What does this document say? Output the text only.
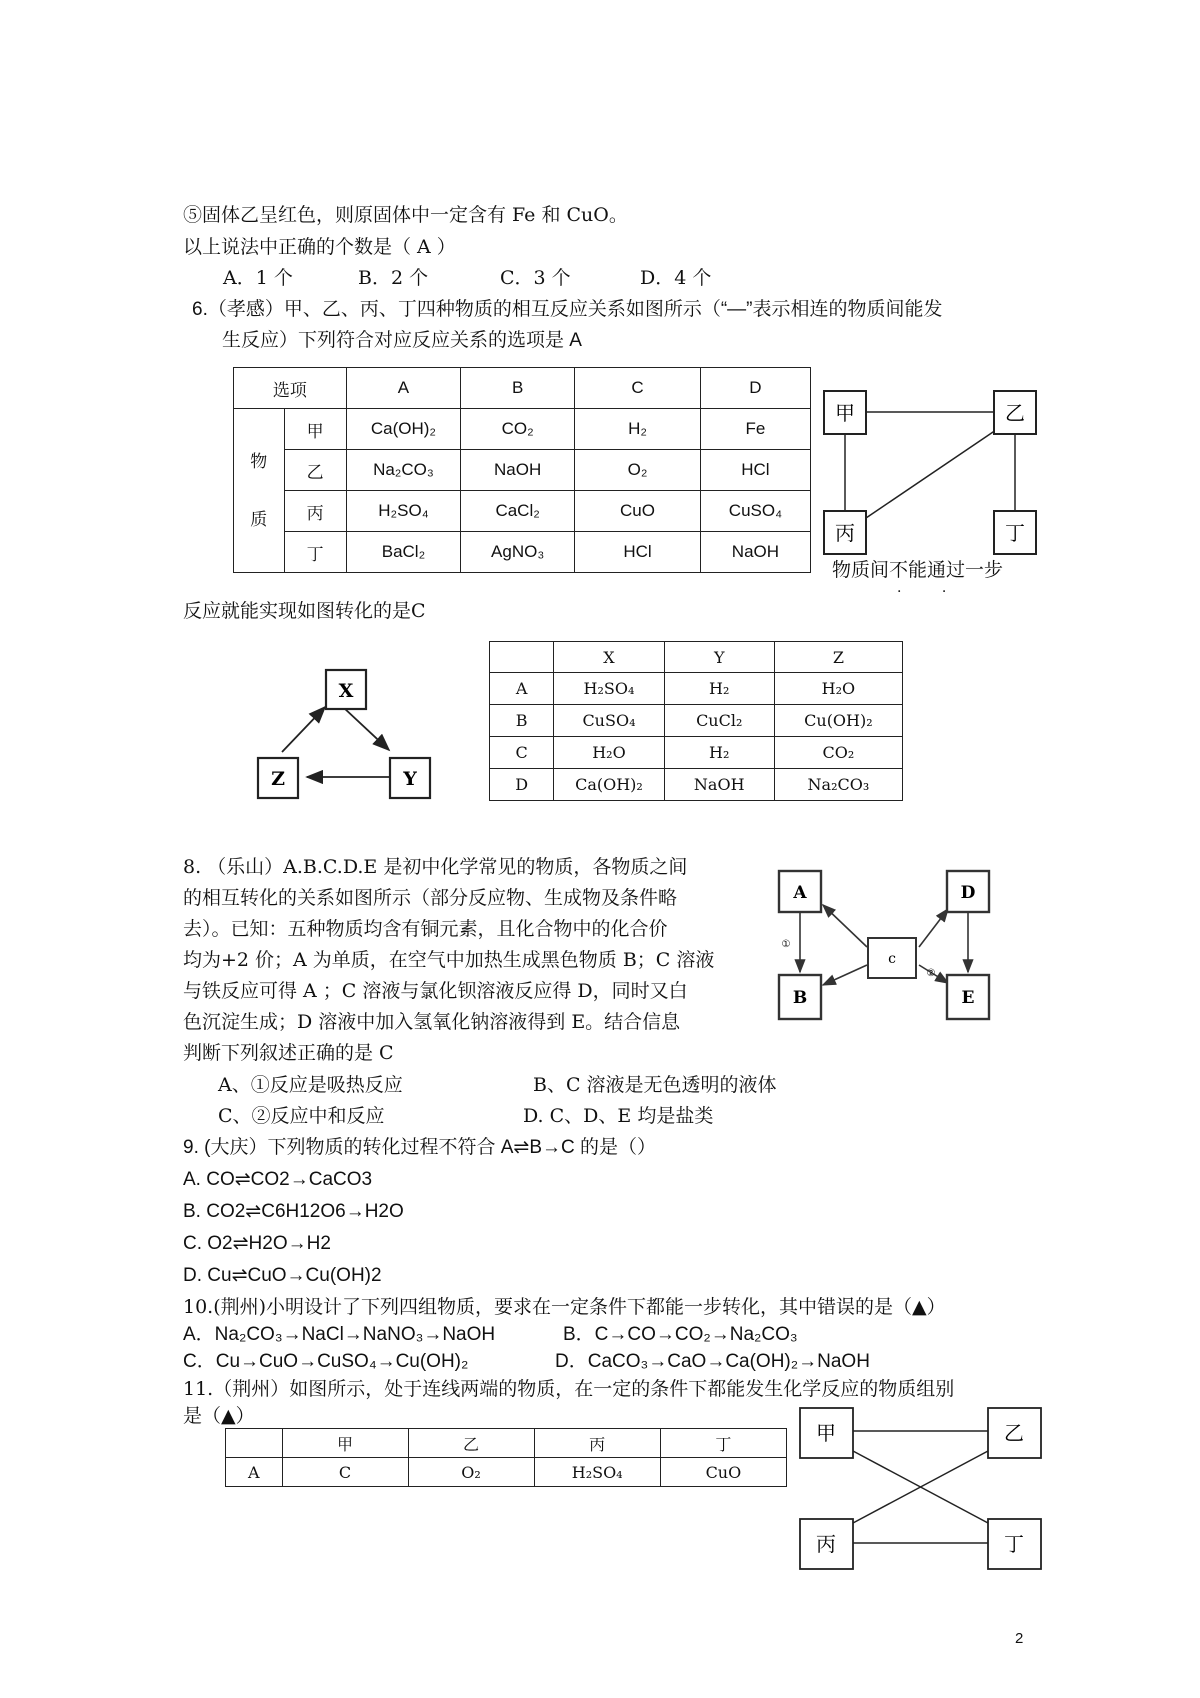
⑤固体乙呈红色，则原固体中一定含有 Fe 和 CuO。
以上说法中正确的个数是（ A ）
A．1 个	B．2 个	C．3 个	D．4 个
6.（孝感）甲、乙、丙、丁四种物质的相互反应关系如图所示（“—”表示相连的物质间能发
生反应）下列符合对应反应关系的选项是 A
选项		A	B	C	D
物
质	甲	Ca(OH)₂	CO₂	H₂	Fe
	乙	Na₂CO₃	NaOH	O₂	HCl
	丙	H₂SO₄	CaCl₂	CuO	CuSO₄
	丁	BaCl₂	AgNO₃	HCl	NaOH
甲	乙
丙	丁
物质间不能通过一步
· ·
反应就能实现如图转化的是C
X
Y
Z
	X	Y	Z
A	H₂SO₄	H₂	H₂O
B	CuSO₄	CuCl₂	Cu(OH)₂
C	H₂O	H₂	CO₂
D	Ca(OH)₂	NaOH	Na₂CO₃
8. （乐山）A.B.C.D.E 是初中化学常见的物质，各物质之间
的相互转化的关系如图所示（部分反应物、生成物及条件略
去）。已知：五种物质均含有铜元素，且化合物中的化合价
均为+2 价；A 为单质，在空气中加热生成黑色物质 B；C 溶液
与铁反应可得 A ；C 溶液与氯化钡溶液反应得 D，同时又白
色沉淀生成；D 溶液中加入氢氧化钠溶液得到 E。结合信息
判断下列叙述正确的是 C
A、①反应是吸热反应	B、C 溶液是无色透明的液体
C、②反应中和反应	D. C、D、E 均是盐类
A
B
c
D
E
①
②
9. (大庆）下列物质的转化过程不符合 A⇌B→C 的是（）
A. CO⇌CO2→CaCO3
B. CO2⇌C6H12O6→H2O
C. O2⇌H2O→H2
D. Cu⇌CuO→Cu(OH)2
10.(荆州)小明设计了下列四组物质，要求在一定条件下都能一步转化，其中错误的是（▲）
A．Na₂CO₃→NaCl→NaNO₃→NaOH	B．C→CO→CO₂→Na₂CO₃
C．Cu→CuO→CuSO₄→Cu(OH)₂	D．CaCO₃→CaO→Ca(OH)₂→NaOH
11.（荆州）如图所示，处于连线两端的物质，在一定的条件下都能发生化学反应的物质组别
是（▲）
	甲	乙	丙	丁
A	C	O₂	H₂SO₄	CuO
甲	乙
丙	丁
2
